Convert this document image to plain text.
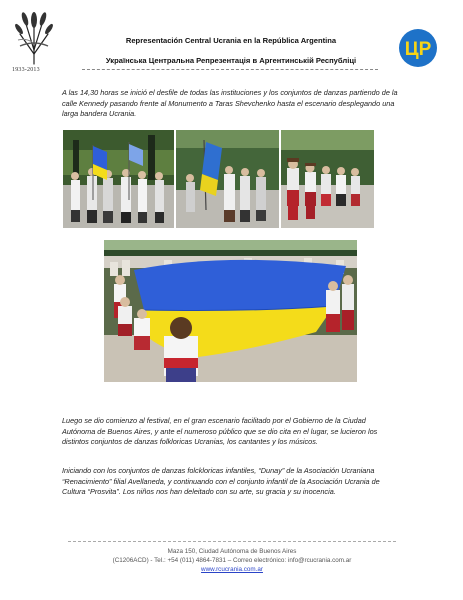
1933-2013
Representación Central Ucrania en la República Argentina
Українська Центральна Репрезентація в Аргентинській Республіці
ЦР

A las 14,30 horas se inició el desfile de todas las instituciones y los conjuntos de danzas partiendo de la calle Kennedy pasando frente al Monumento a Taras Shevchenko hasta el escenario desplegando una larga bandera Ucrania.

Luego se dio comienzo al festival, en el gran escenario facilitado por el Gobierno de la Ciudad Autónoma de Buenos Aires, y ante el numeroso público que se dio cita en el lugar, se lucieron los distintos conjuntos de danzas folkloricas Ucranias, los cantantes y los músicos.

Iniciando con los conjuntos de danzas folckloricas infantiles, “Dunay” de la Asociación Ucraniana “Renacimiento” filial Avellaneda, y continuando con el conjunto infantil de la Asociación Ucrania de Cultura “Prosvita”. Los niños nos han deleitado con su arte, su gracia y su inocencia.

Maza 150, Ciudad Autónoma de Buenos Aires
(C1206ACD) - Tel.: +54 (011) 4864-7831 – Correo electrónico: info@rcucrania.com.ar
www.rcucrania.com.ar
